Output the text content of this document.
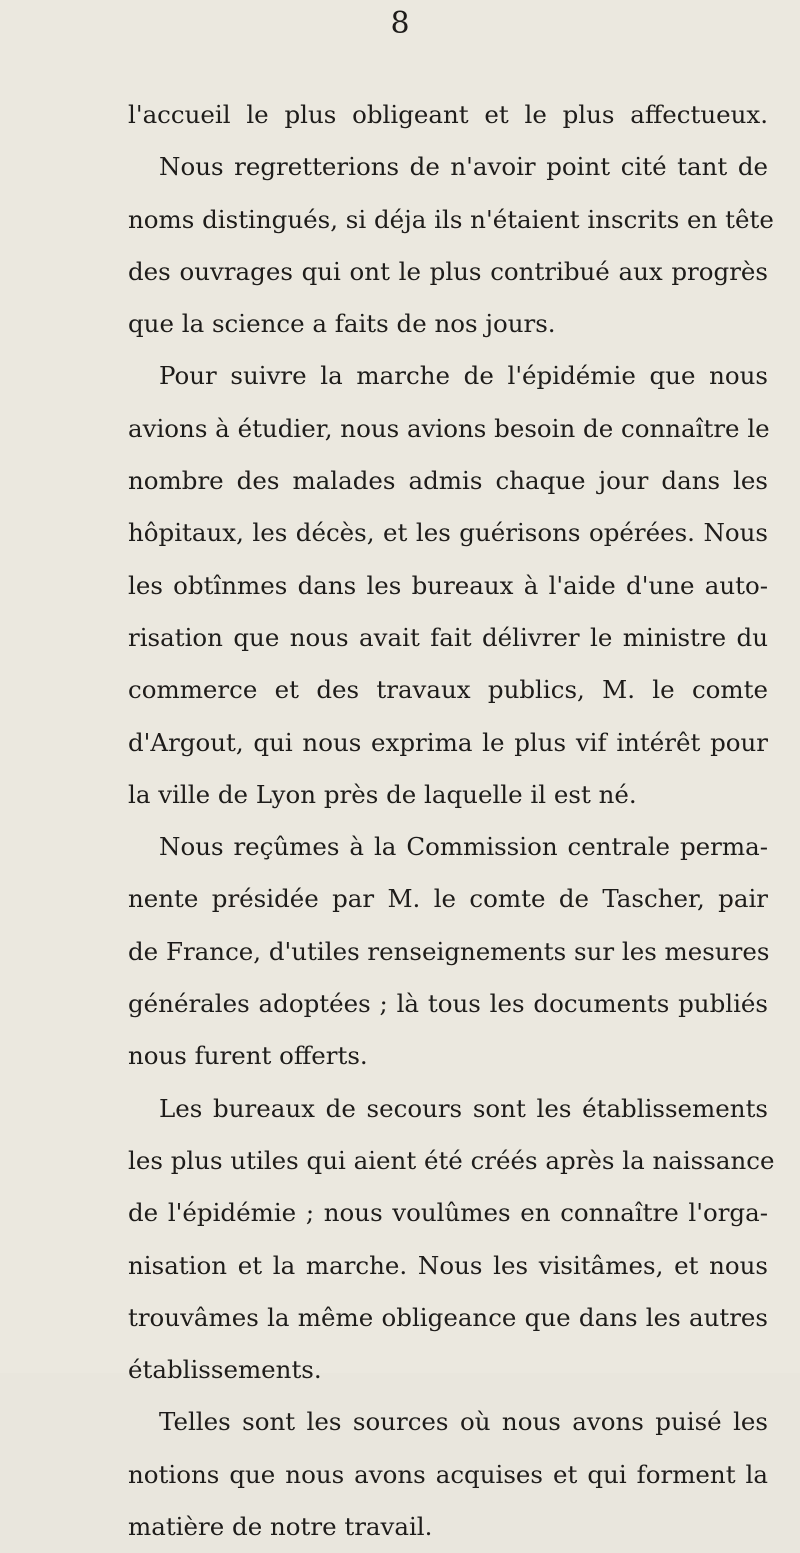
8
l'accueil le plus obligeant et le plus affectueux.
Nous regretterions de n'avoir point cité tant de
noms distingués, si déja ils n'étaient inscrits en tête
des ouvrages qui ont le plus contribué aux progrès
que la science a faits de nos jours.
Pour suivre la marche de l'épidémie que nous
avions à étudier, nous avions besoin de connaître le
nombre des malades admis chaque jour dans les
hôpitaux, les décès, et les guérisons opérées. Nous
les obtînmes dans les bureaux à l'aide d'une auto-
risation que nous avait fait délivrer le ministre du
commerce et des travaux publics, M. le comte
d'Argout, qui nous exprima le plus vif intérêt pour
la ville de Lyon près de laquelle il est né.
Nous reçûmes à la Commission centrale perma-
nente présidée par M. le comte de Tascher, pair
de France, d'utiles renseignements sur les mesures
générales adoptées ; là tous les documents publiés
nous furent offerts.
Les bureaux de secours sont les établissements
les plus utiles qui aient été créés après la naissance
de l'épidémie ; nous voulûmes en connaître l'orga-
nisation et la marche. Nous les visitâmes, et nous
trouvâmes la même obligeance que dans les autres
établissements.
Telles sont les sources où nous avons puisé les
notions que nous avons acquises et qui forment la
matière de notre travail.
